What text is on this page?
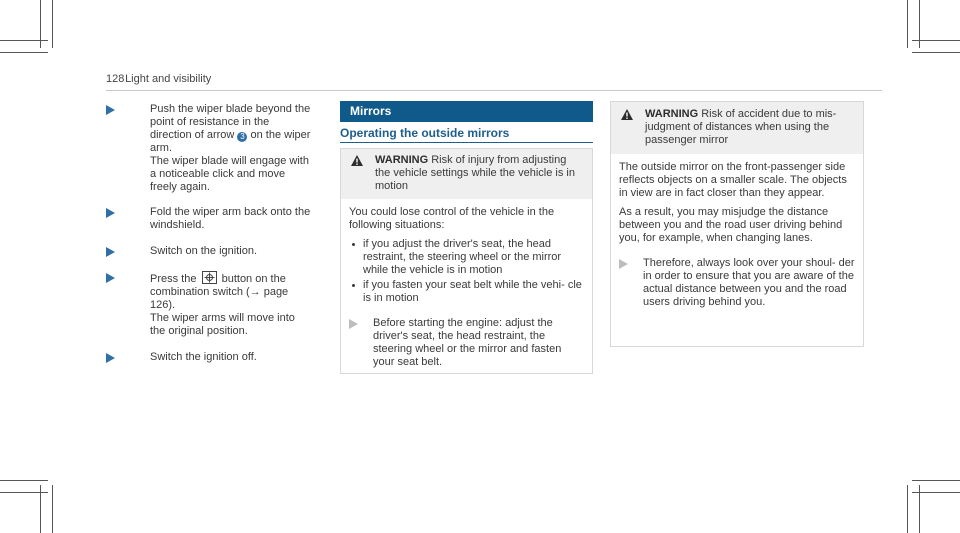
128 Light and visibility

Push the wiper blade beyond the point of resistance in the direction of arrow 3 on the wiper arm.

The wiper blade will engage with a noticeable click and move freely again.

Fold the wiper arm back onto the windshield.

Switch on the ignition.

Press the button on the combination switch (→ page 126).

The wiper arms will move into the original position.

Switch the ignition off.

Mirrors
Operating the outside mirrors

WARNING Risk of injury from adjusting the vehicle settings while the vehicle is in motion

You could lose control of the vehicle in the following situations:

if you adjust the driver's seat, the head restraint, the steering wheel or the mirror while the vehicle is in motion
if you fasten your seat belt while the vehi- cle is in motion

Before starting the engine: adjust the driver's seat, the head restraint, the steering wheel or the mirror and fasten your seat belt.

WARNING Risk of accident due to mis- judgment of distances when using the passenger mirror

The outside mirror on the front-passenger side reflects objects on a smaller scale. The objects in view are in fact closer than they appear.

As a result, you may misjudge the distance between you and the road user driving behind you, for example, when changing lanes.

Therefore, always look over your shoul- der in order to ensure that you are aware of the actual distance between you and the road users driving behind you.
